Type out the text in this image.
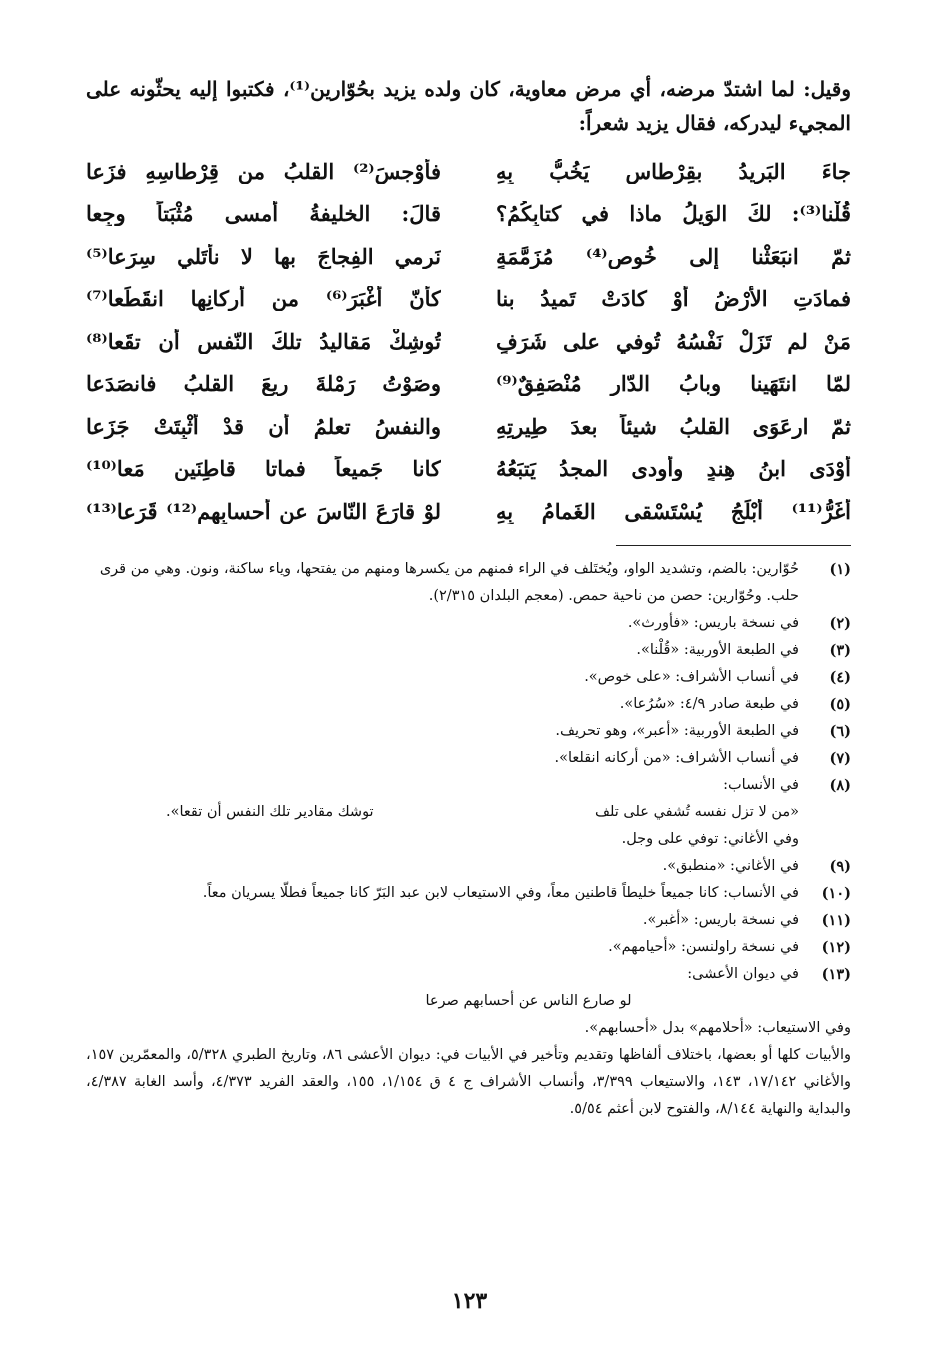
وقيل: لما اشتدّ مرضه، أي مرض معاوية، كان ولده يزيد بحُوّارين⁽¹⁾، فكتبوا إليه يحثّونه على المجيء ليدركه، فقال يزيد شعراً:
جاءَ البَريدُ بقِرْطاسٍ يَخُبُّ بِهِ
فأوْجسَ⁽²⁾ القلبُ من قِرْطاسِهِ فزَعا
قُلْنا⁽³⁾: لكَ الوَيلُ ماذا في كتابِكُمُ؟
قالَ: الخليفةُ أمسى مُثْبَتاً وجِعا
ثمّ انبَعَثْنا إلى خُوصٍ⁽⁴⁾ مُزَمَّمَةٍ
نَرمي الفِجاجَ بها لا نأتَلي سِرَعا⁽⁵⁾
فمادَتِ الأرْضُ أوْ كادَتْ تَميدُ بنا
كأنّ أغْبَرَ⁽⁶⁾ من أركانِها انقَطَعا⁽⁷⁾
مَنْ لم تَزَلْ نَفْسُهُ تُوفي على شَرَفٍ
تُوشِكْ مَقاليدُ تلكَ النّفسِ أن تقَعا⁽⁸⁾
لمّا انتَهَينا وبابُ الدّارِ مُنْصَفِقٌ⁽⁹⁾
وصَوْتُ رَمْلةَ رِيعَ القلبُ فانصَدَعا
ثمّ ارعَوَى القلبُ شيئاً بعدَ طِيرتِهِ
والنفسُ تعلمُ أن قدْ أُثْبِتَتْ جَزَعا
أوْدَى ابنُ هِندٍ وأودى المجدُ يَتبَعُهُ
كانا جَميعاً فماتا قاطِنَينِ مَعا⁽¹⁰⁾
أغَرُّ⁽¹¹⁾ أبْلَجُ يُسْتَسْقى الغَمامُ بِهِ
لوْ قارَعَ النّاسَ عن أحسابِهم⁽¹²⁾ قَرَعا⁽¹³⁾
(١)
حُوّارين: بالضم، وتشديد الواو، ويُختَلف في الراء فمنهم من يكسرها ومنهم من يفتحها، وياء ساكنة، ونون. وهي من قرى حلب. وحُوّارين: حصن من ناحية حمص. (معجم البلدان ٢/٣١٥).
(٢)
في نسخة باريس: «فأورث».
(٣)
في الطبعة الأوربية: «قُلْنا».
(٤)
في أنساب الأشراف: «على خوص».
(٥)
في طبعة صادر ٤/٩: «سُرُعا».
(٦)
في الطبعة الأوربية: «أعبر»، وهو تحريف.
(٧)
في أنساب الأشراف: «من أركانه انقلعا».
(٨)
في الأنساب:
«من لا تزل نفسه تُشفي على تلف
توشك مقادير تلك النفس أن تقعا».
وفي الأغاني: توفي على وجل.
(٩)
في الأغاني: «منطبق».
(١٠)
في الأنساب: كانا جميعاً خليطاً قاطنين معاً، وفي الاستيعاب لابن عبد البَرّ كانا جميعاً فطلّا يسريان معاً.
(١١)
في نسخة باريس: «أغبر».
(١٢)
في نسخة راولنسن: «أحيامهم».
(١٣)
في ديوان الأعشى:
لو صارع الناس عن أحسابهم صرعا
وفي الاستيعاب: «أحلامهم» بدل «أحسابهم».
والأبيات كلها أو بعضها، باختلاف ألفاظها وتقديم وتأخير في الأبيات في: ديوان الأعشى ٨٦، وتاريخ الطبري ٥/٣٢٨، والمعمّرين ١٥٧، والأغاني ١٧/١٤٢، ١٤٣، والاستيعاب ٣/٣٩٩، وأنساب الأشراف ج ٤ ق ١/١٥٤، ١٥٥، والعقد الفريد ٤/٣٧٣، وأسد الغابة ٤/٣٨٧، والبداية والنهاية ٨/١٤٤، والفتوح لابن أعثم ٥/٥٤.
١٢٣
